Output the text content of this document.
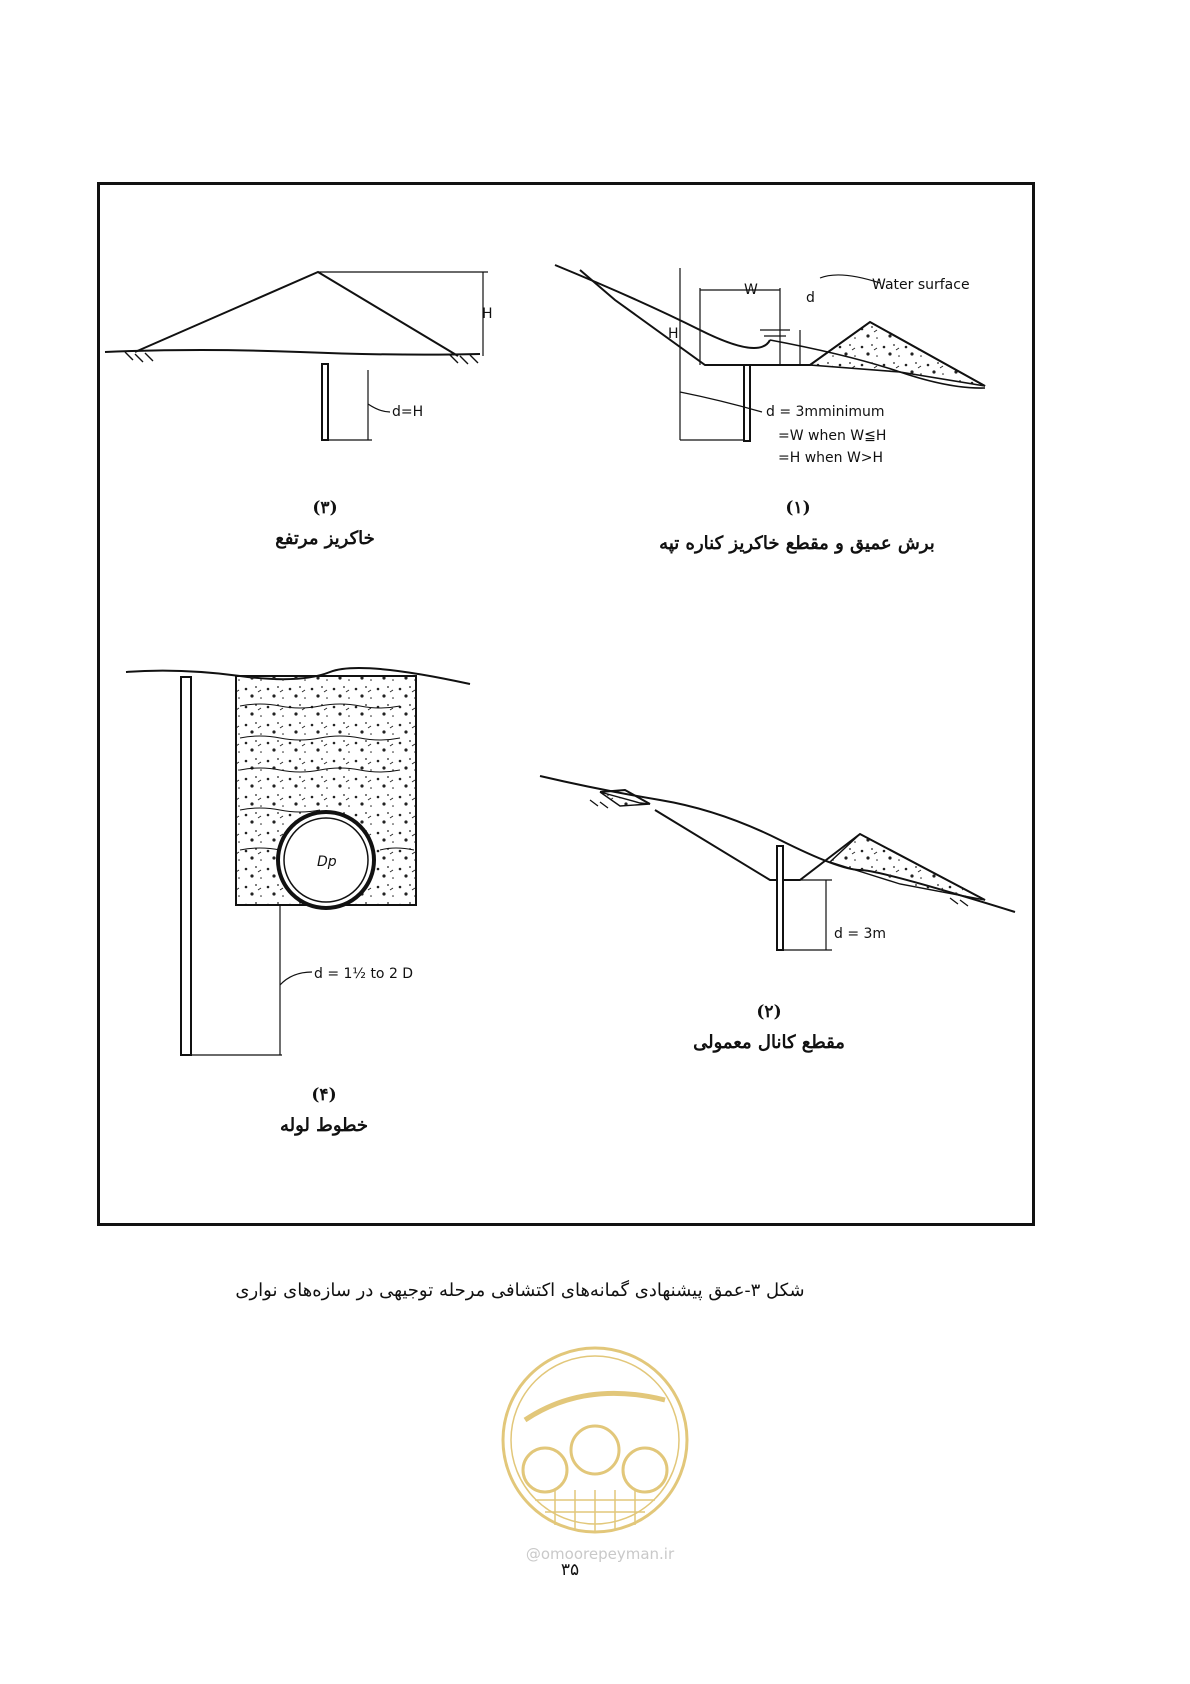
H
d=H
W	d
H
Water surface
d = 3mminimum
=W when W≦H
=H when W>H
Dp
d = 1½ to 2 D
d = 3m
(۳)
خاکریز مرتفع
(۱)
برش عمیق و مقطع خاکریز کناره تپه
(۲)
مقطع کانال معمولی
(۴)
خطوط لوله
شکل ۳-عمق پیشنهادی گمانه‌های اکتشافی مرحله توجیهی در سازه‌های نواری
@omoorepeyman.ir
۳۵
